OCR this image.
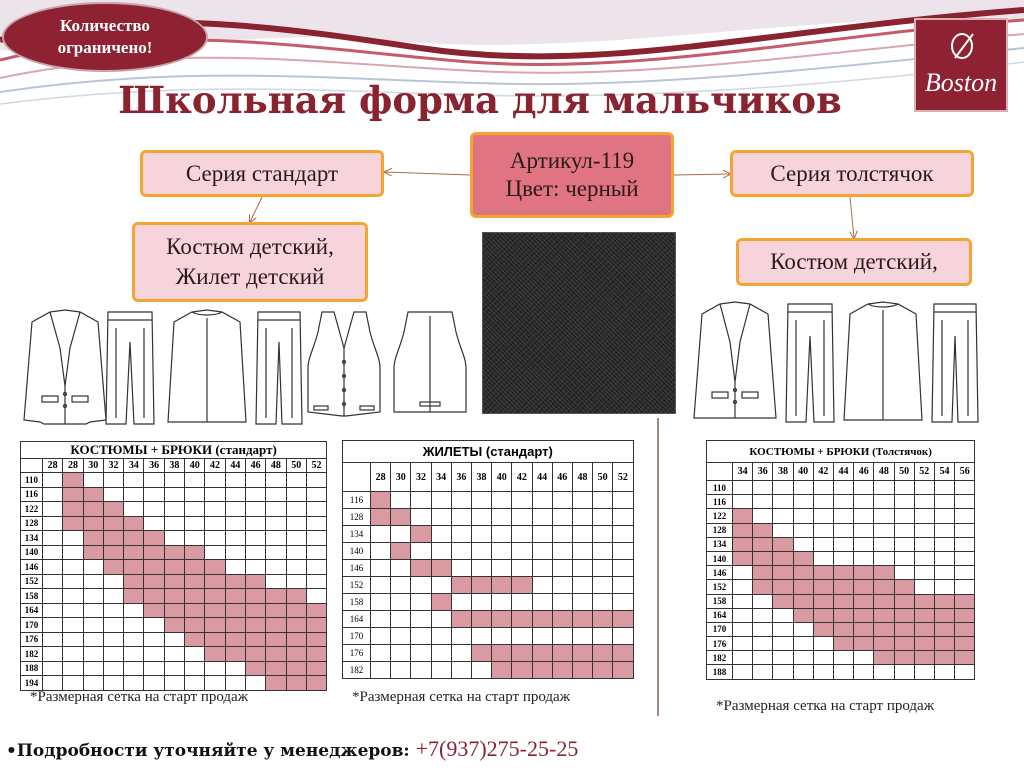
Количество
ограничено!
Boston
Школьная форма для мальчиков
Серия стандарт	Артикул-119
Цвет: черный
Серия толстячок
Костюм детский,
Жилет детский
Костюм детский,
КОСТЮМЫ + БРЮКИ (стандарт)														
	28	28	30	32	34	36	38	40	42	44	46	48	50	52
110														
116														
122														
128														
134														
140														
146														
152														
158														
164														
170														
176														
182														
188														
194														
ЖИЛЕТЫ (стандарт)													
	28	30	32	34	36	38	40	42	44	46	48	50	52
116													
128													
134													
140													
146													
152													
158													
164													
170													
176													
182													
КОСТЮМЫ + БРЮКИ (Толстячок)												
	34	36	38	40	42	44	46	48	50	52	54	56
110												
116												
122												
128												
134												
140												
146												
152												
158												
164												
170												
176												
182												
188												
*Размерная сетка на старт продаж	*Размерная сетка на старт продаж
*Размерная сетка на старт продаж
•Подробности уточняйте у менеджеров: +7(937)275-25-25
